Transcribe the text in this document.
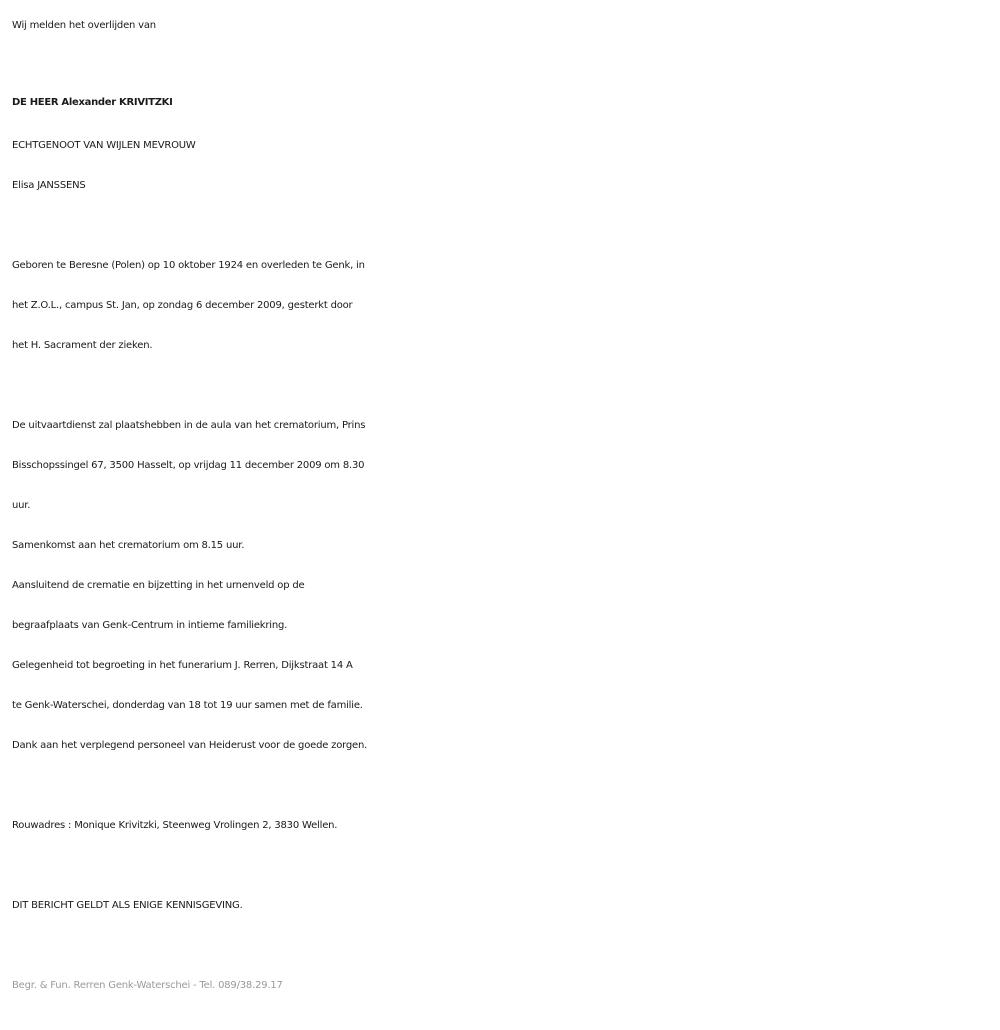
Wij melden het overlijden van
DE HEER Alexander KRIVITZKI
ECHTGENOOT VAN WIJLEN MEVROUW
Elisa JANSSENS
Geboren te Beresne (Polen) op 10 oktober 1924 en overleden te Genk, in
het Z.O.L., campus St. Jan, op zondag 6 december 2009, gesterkt door
het H. Sacrament der zieken.
De uitvaartdienst zal plaatshebben in de aula van het crematorium, Prins
Bisschopssingel 67, 3500 Hasselt, op vrijdag 11 december 2009 om 8.30
uur.
Samenkomst aan het crematorium om 8.15 uur.
Aansluitend de crematie en bijzetting in het urnenveld op de
begraafplaats van Genk-Centrum in intieme familiekring.
Gelegenheid tot begroeting in het funerarium J. Rerren, Dijkstraat 14 A
te Genk-Waterschei, donderdag van 18 tot 19 uur samen met de familie.
Dank aan het verplegend personeel van Heiderust voor de goede zorgen.
Rouwadres : Monique Krivitzki, Steenweg Vrolingen 2, 3830 Wellen.
DIT BERICHT GELDT ALS ENIGE KENNISGEVING.
Begr. & Fun. Rerren Genk-Waterschei - Tel. 089/38.29.17
